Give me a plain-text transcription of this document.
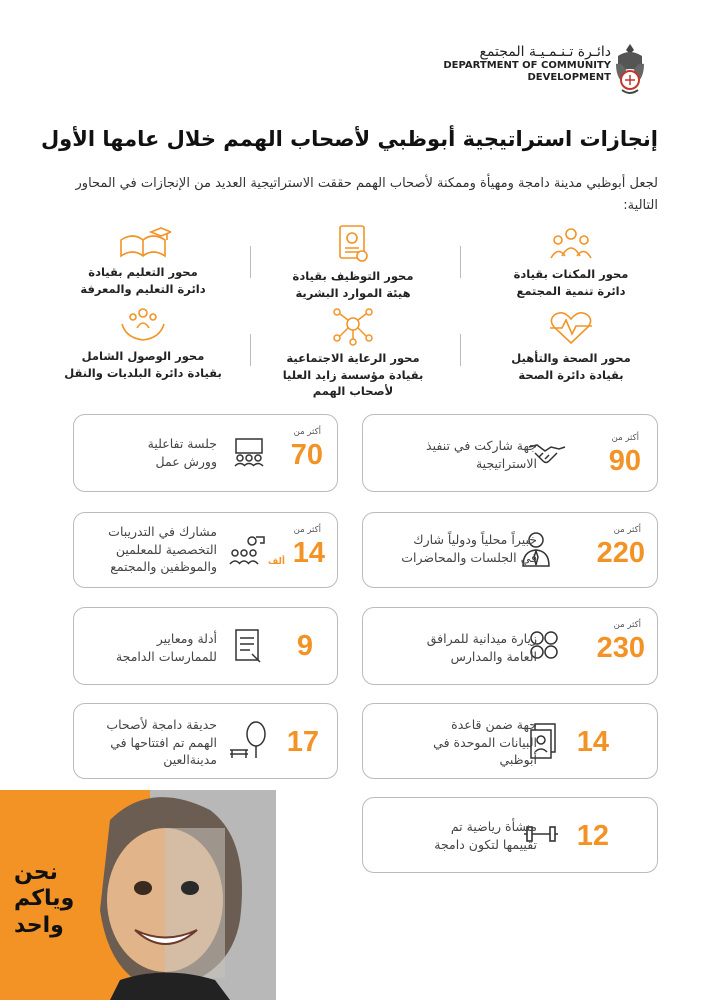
دائـرة تـنـمـيـة المجتمع
DEPARTMENT OF COMMUNITY
DEVELOPMENT
إنجازات استراتيجية أبوظبي لأصحاب الهمم خلال عامها الأول
لجعل أبوظبي مدينة دامجة ومهيأة وممكنة لأصحاب الهمم حققت الاستراتيجية العديد من الإنجازات في المحاور التالية:
محور المكنات بقيادة
دائرة تنمية المجتمع
محور التوظيف بقيادة
هيئة الموارد البشرية
محور التعليم بقيادة
دائرة التعليم والمعرفة
محور الصحة والتأهيل
بقيادة دائرة الصحة
محور الرعاية الاجتماعية
بقيادة مؤسسة زايد العليا
لأصحاب الهمم
محور الوصول الشامل
بقيادة دائرة البلديات والنقل
أكثر من
90
جهة شاركت في تنفيذ
الاستراتيجية
أكثر من
70
جلسة تفاعلية
وورش عمل
أكثر من
220
خبيراً محلياً ودولياً شارك
في الجلسات والمحاضرات
أكثر من
14
ألف
مشارك في التدريبات
التخصصية للمعلمين
والموظفين والمجتمع
أكثر من
230
زيارة ميدانية للمرافق
العامة والمدارس
9
أدلة ومعايير
للممارسات الدامجة
14
جهة ضمن قاعدة
البيانات الموحدة في
أبوظبي
17
حديقة دامجة لأصحاب
الهمم تم افتتاحها في
مدينةالعين
12
منشأة رياضية تم
تقييمها لتكون دامجة
نحن
وياكم
واحد
